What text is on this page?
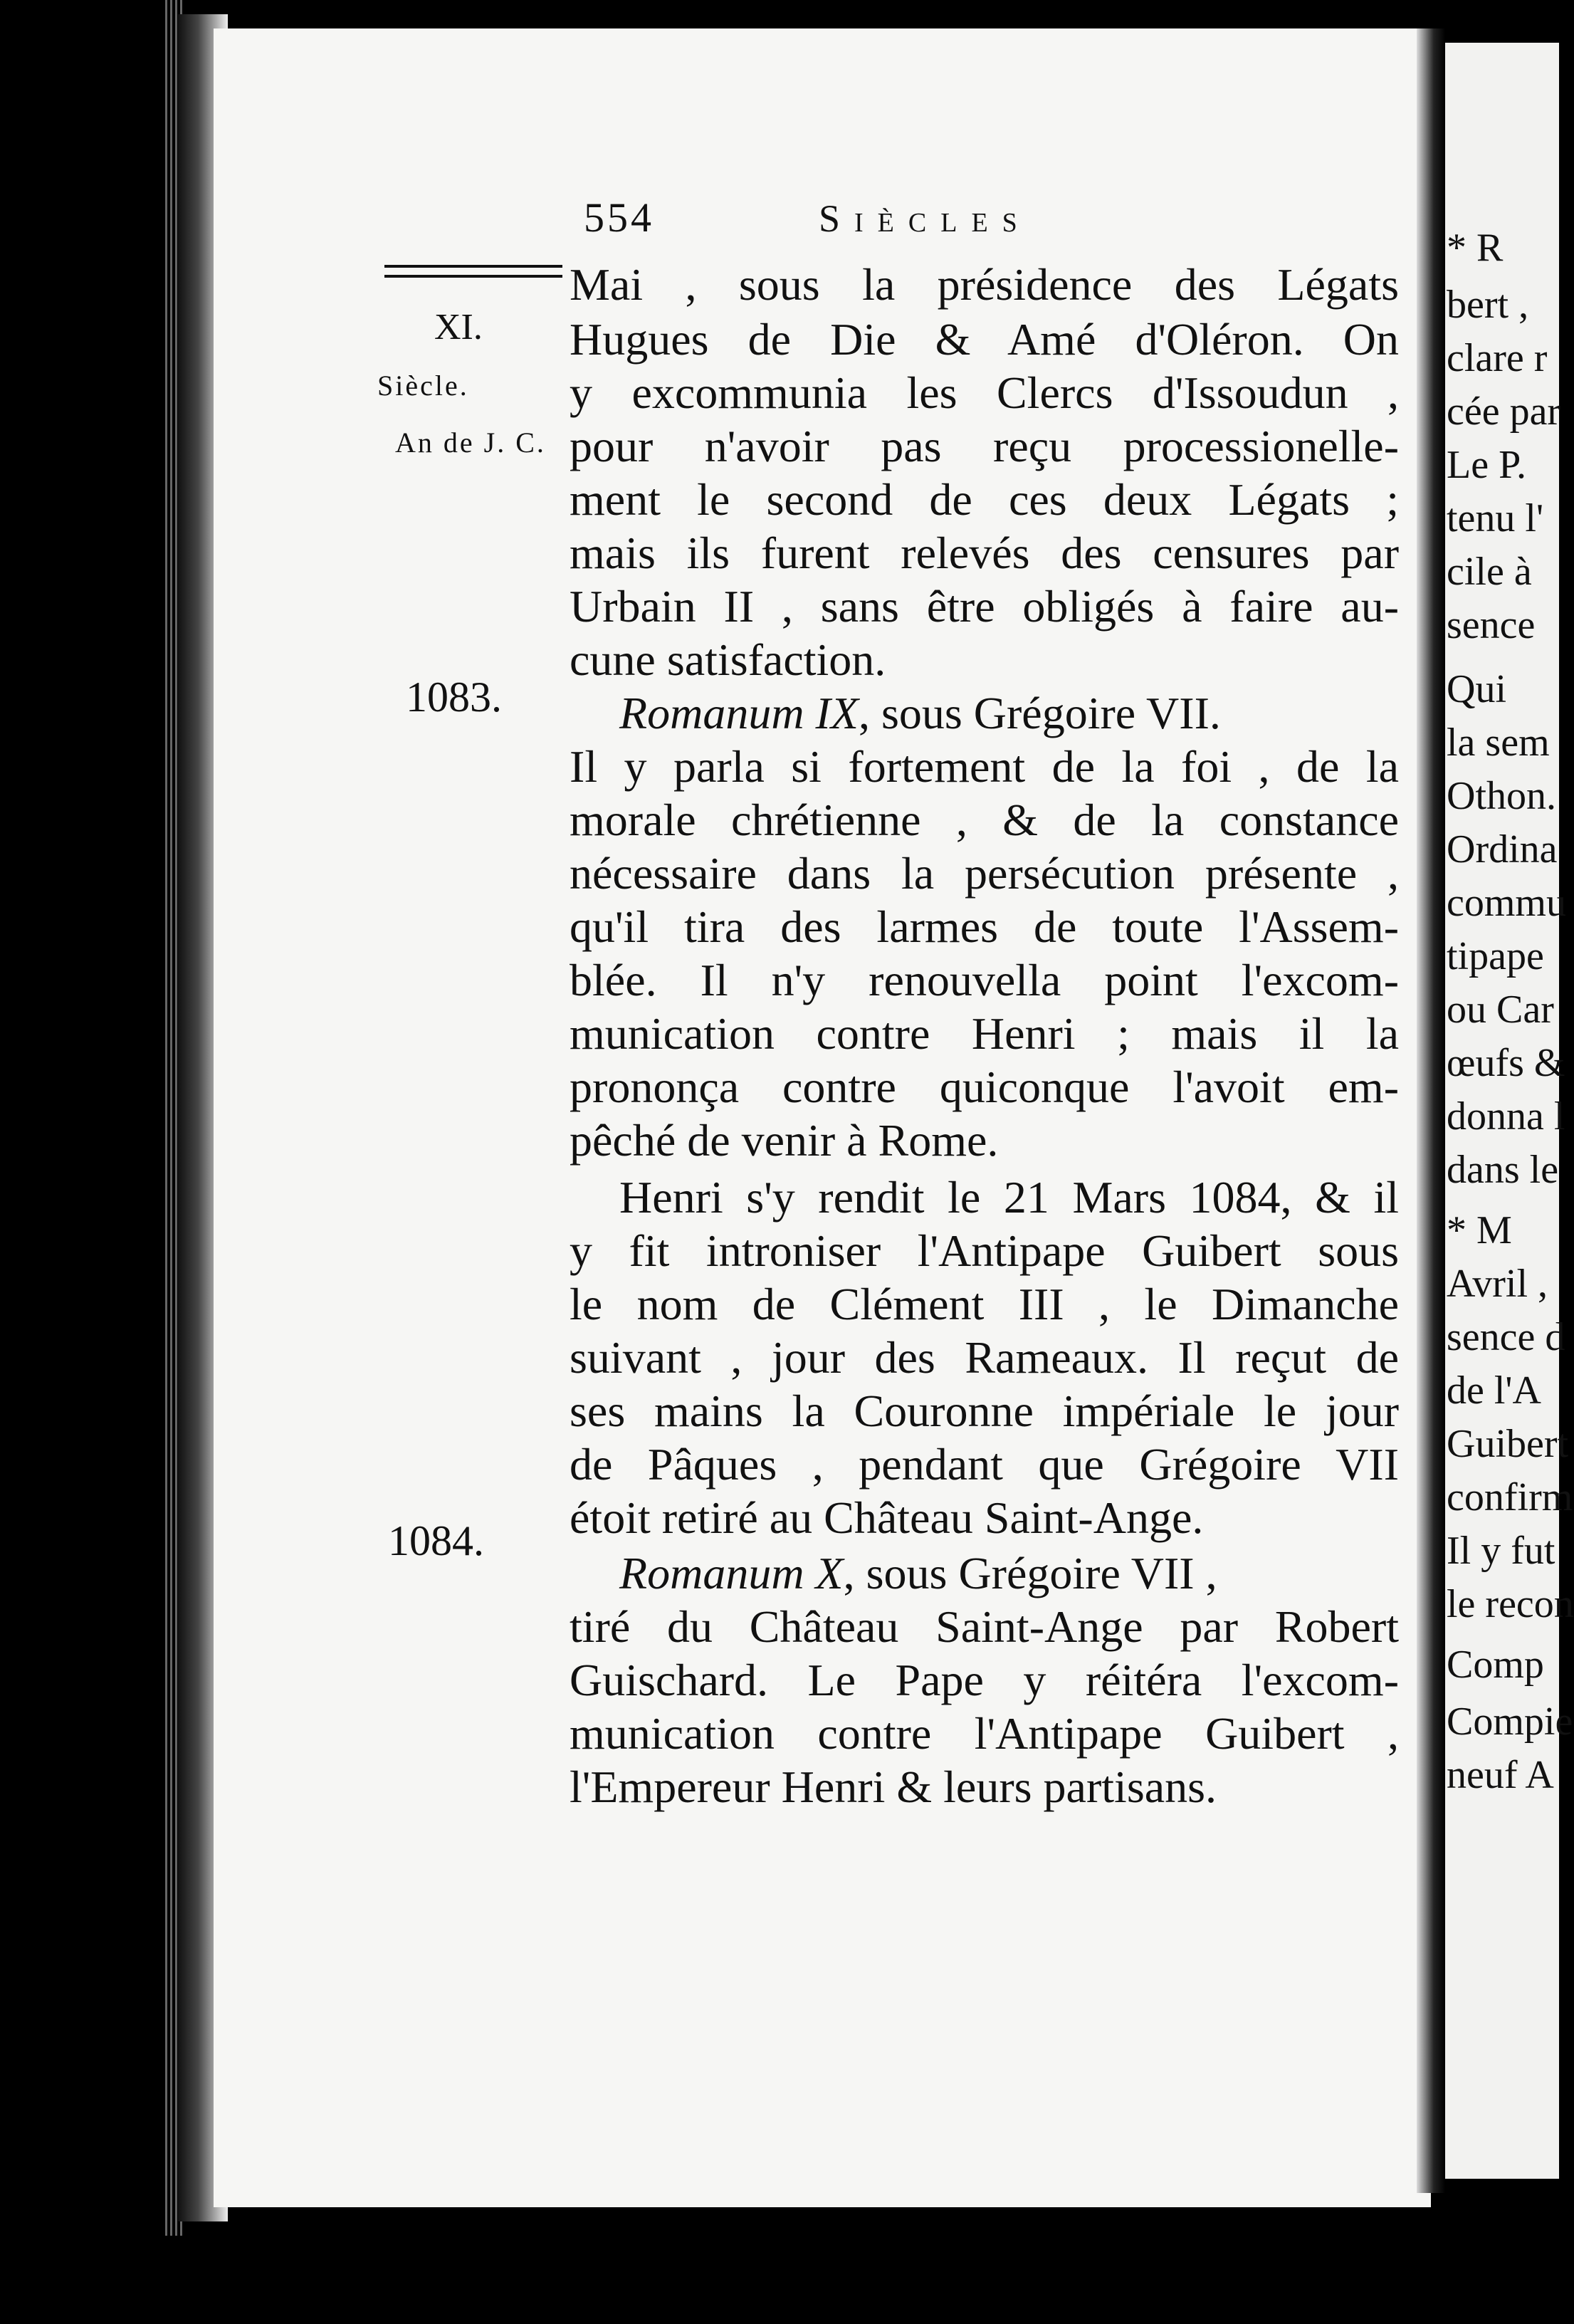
* R
bert ,
clare r
cée par
Le P.
tenu l'
cile à
sence
Qui
la sem
Othon.
Ordina
commu
tipape
ou Car
œufs &
donna l
dans le
* M
Avril ,
sence d
de l'A
Guibert
confirm
Il y fut
le recon
Comp
Compie
neuf A
554	Siècles
XI.
Siècle.
An de J. C.
1083.
1084.
Mai , sous la présidence des Légats
Hugues de Die & Amé d'Oléron. On
y excommunia les Clercs d'Issoudun ,
pour n'avoir pas reçu processionelle-
ment le second de ces deux Légats ;
mais ils furent relevés des censures par
Urbain II , sans être obligés à faire au-
cune satisfaction.
Romanum IX , sous Grégoire VII.
Il y parla si fortement de la foi , de la
morale chrétienne , & de la constance
nécessaire dans la persécution présente ,
qu'il tira des larmes de toute l'Assem-
blée. Il n'y renouvella point l'excom-
munication contre Henri ; mais il la
prononça contre quiconque l'avoit em-
pêché de venir à Rome.
Henri s'y rendit le 21 Mars 1084, & il
y fit introniser l'Antipape Guibert sous
le nom de Clément III , le Dimanche
suivant , jour des Rameaux. Il reçut de
ses mains la Couronne impériale le jour
de Pâques , pendant que Grégoire VII
étoit retiré au Château Saint-Ange.
Romanum X, sous Grégoire VII ,
tiré du Château Saint-Ange par Robert
Guischard. Le Pape y réitéra l'excom-
munication contre l'Antipape Guibert ,
l'Empereur Henri & leurs partisans.
